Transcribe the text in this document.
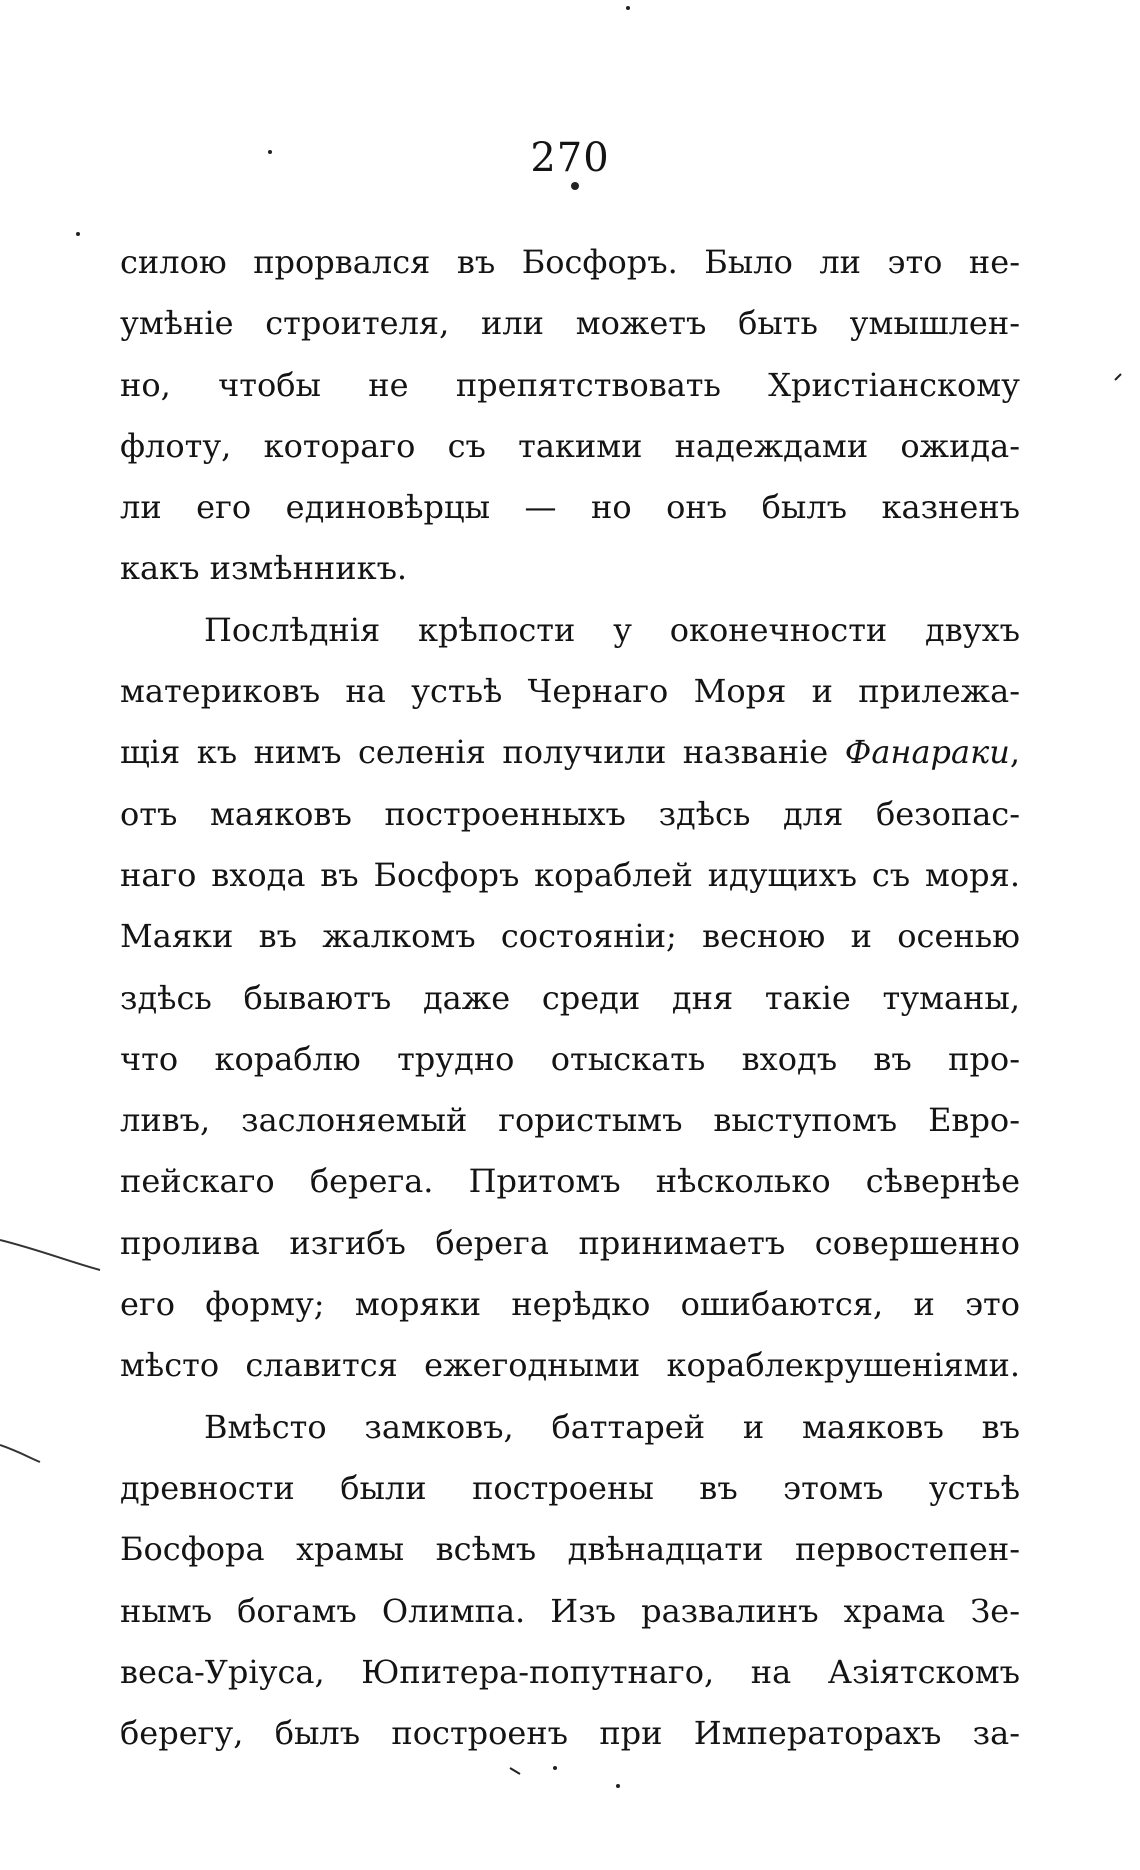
270
силою прорвался въ Босфоръ. Было ли это не-
умѣніе строителя, или можетъ быть умышлен-
но, чтобы не препятствовать Христіанскому
флоту, котораго съ такими надеждами ожида-
ли его единовѣрцы — но онъ былъ казненъ
какъ измѣнникъ.
Послѣднія крѣпости у оконечности двухъ
материковъ на устьѣ Чернаго Моря и прилежа-
щія къ нимъ селенія получили названіе Фанараки,
отъ маяковъ построенныхъ здѣсь для безопас-
наго входа въ Босфоръ кораблей идущихъ съ моря.
Маяки въ жалкомъ состояніи; весною и осенью
здѣсь бываютъ даже среди дня такіе туманы,
что кораблю трудно отыскать входъ въ про-
ливъ, заслоняемый гористымъ выступомъ Евро-
пейскаго берега. Притомъ нѣсколько сѣвернѣе
пролива изгибъ берега принимаетъ совершенно
его форму; моряки нерѣдко ошибаются, и это
мѣсто славится ежегодными кораблекрушеніями.
Вмѣсто замковъ, баттарей и маяковъ въ
древности были построены въ этомъ устьѣ
Босфора храмы всѣмъ двѣнадцати первостепен-
нымъ богамъ Олимпа. Изъ развалинъ храма Зе-
веса-Уріуса, Юпитера-попутнаго, на Азіятскомъ
берегу, былъ построенъ при Императорахъ за-
